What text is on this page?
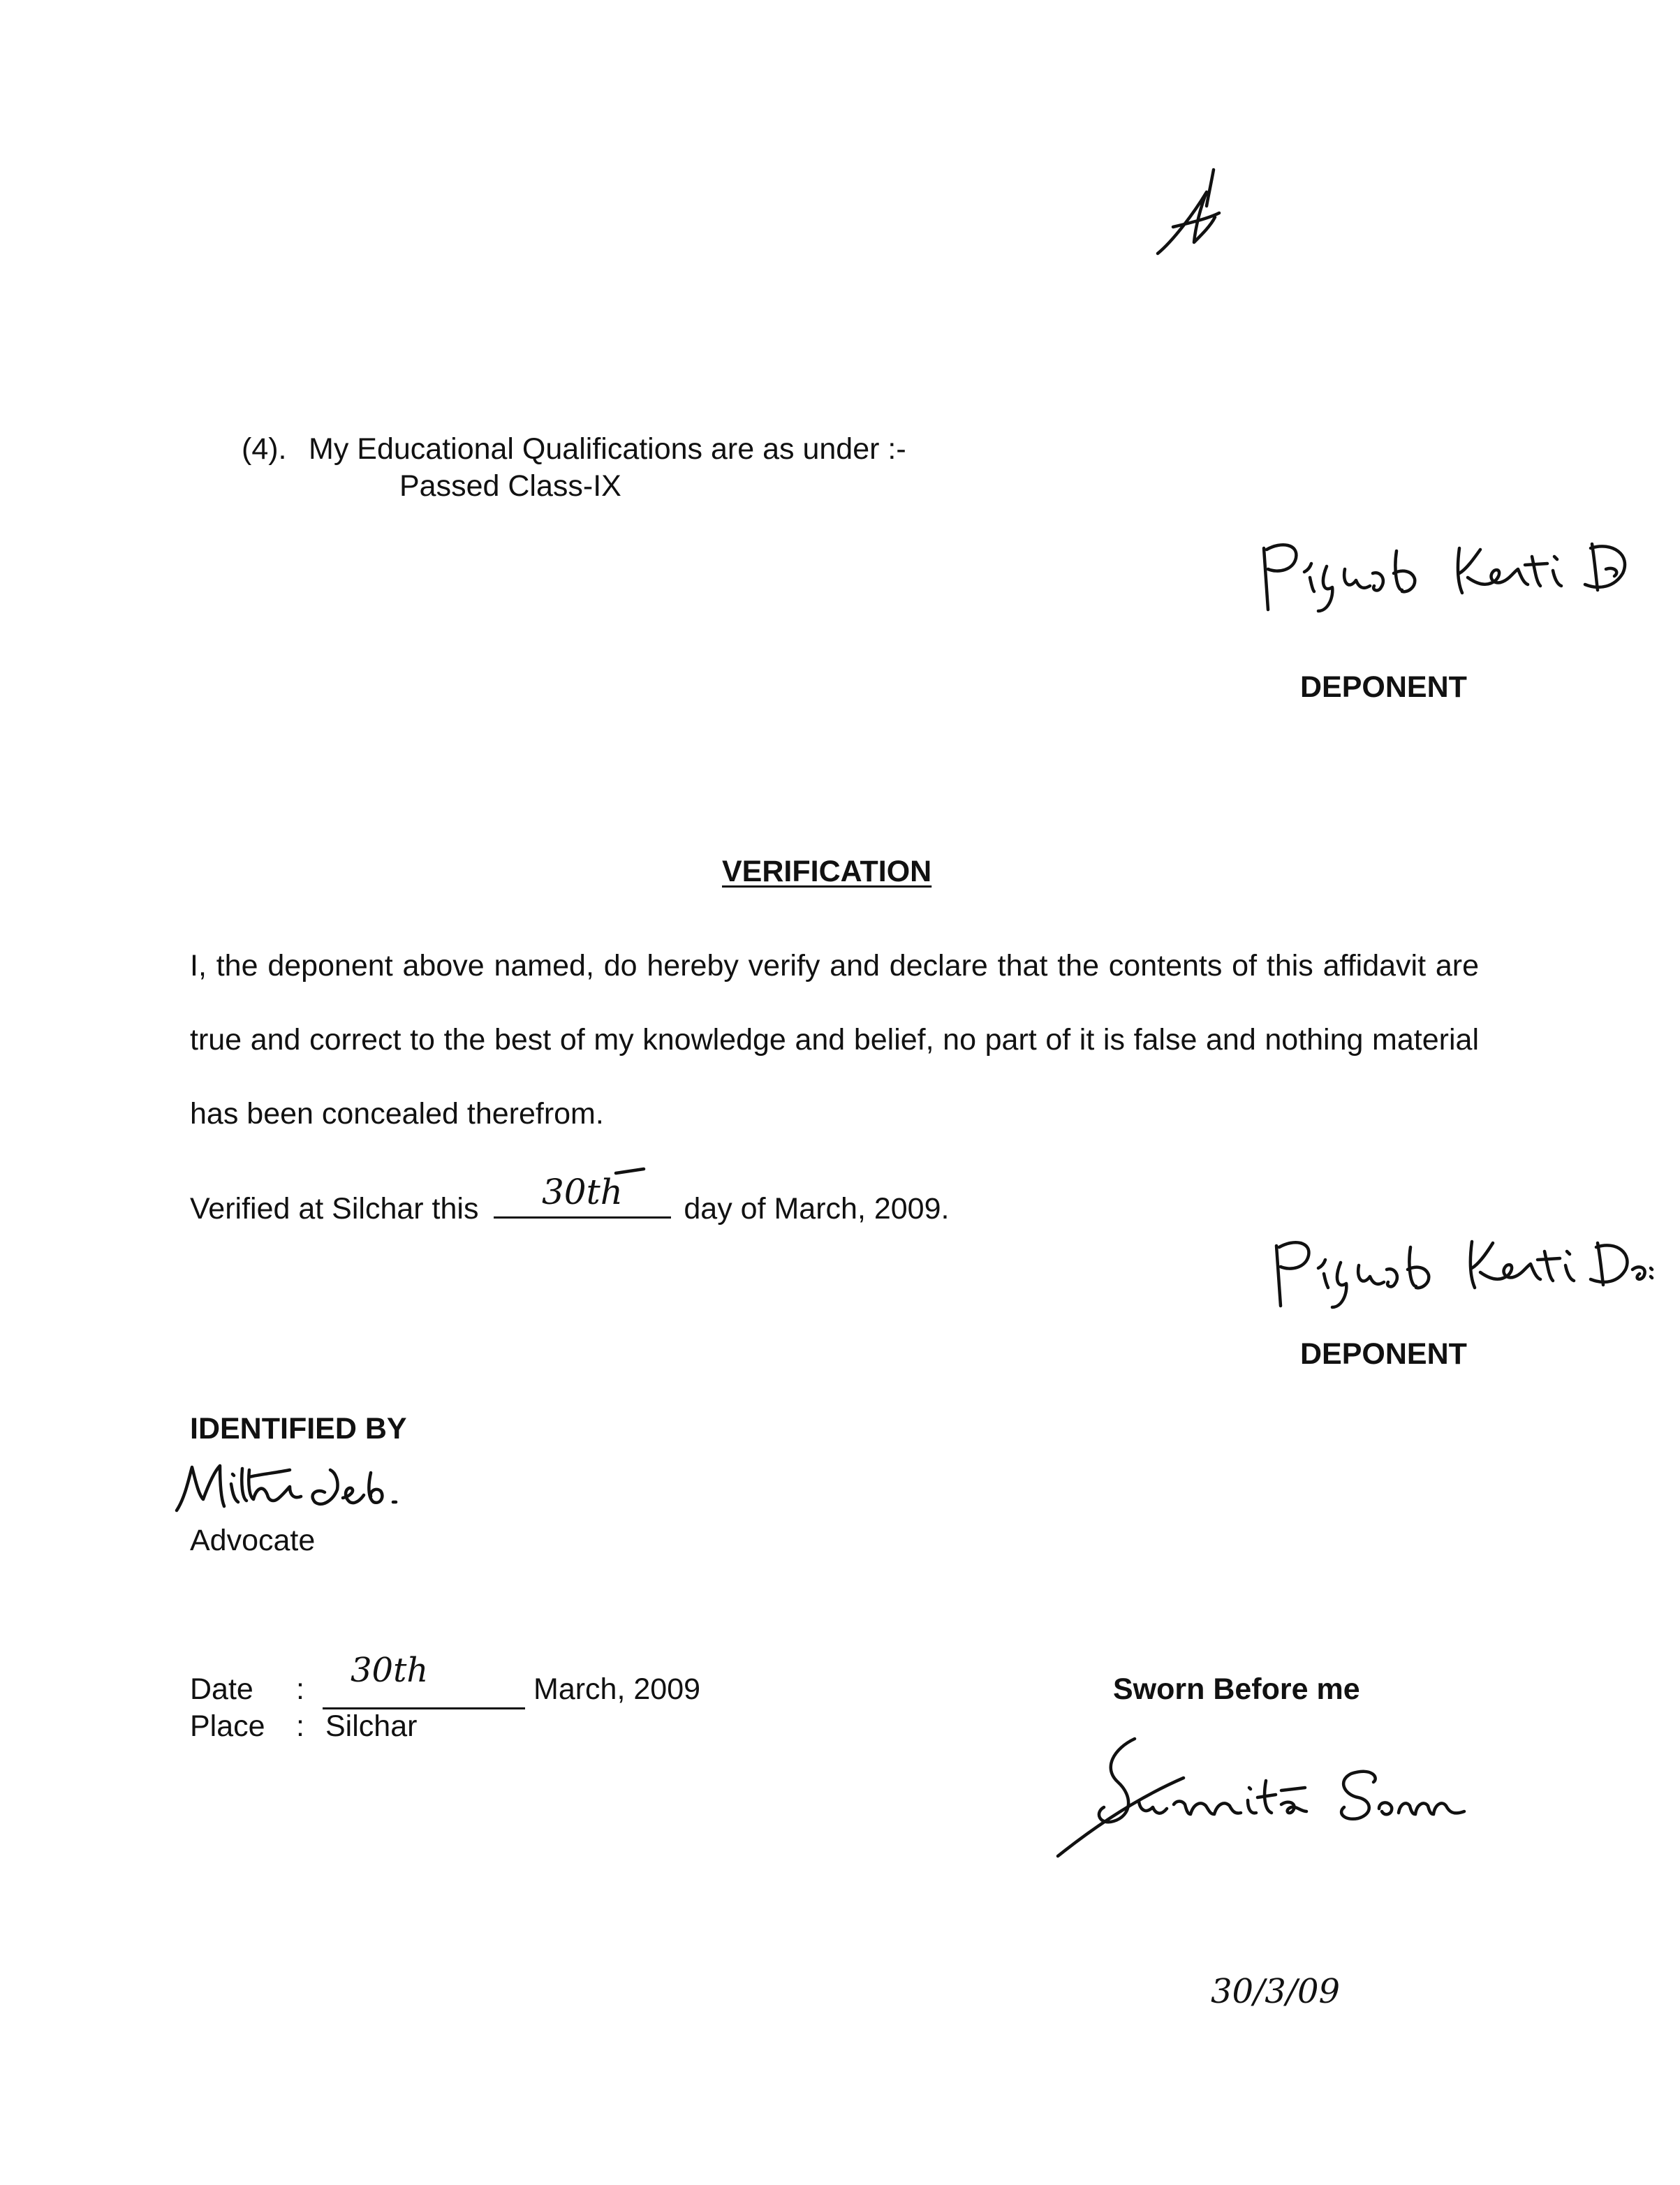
(4). My Educational Qualifications are as under :-
Passed Class-IX
DEPONENT
VERIFICATION
I, the deponent above named, do hereby verify and declare that the contents of this affidavit are true and correct to the best of my knowledge and belief, no part of it is false and nothing material has been concealed therefrom.
Verified at Silchar this	day of March, 2009.
30th
DEPONENT
IDENTIFIED BY
Advocate
Date :	March, 2009
30th
Place : Silchar
Sworn Before me
30/3/09
